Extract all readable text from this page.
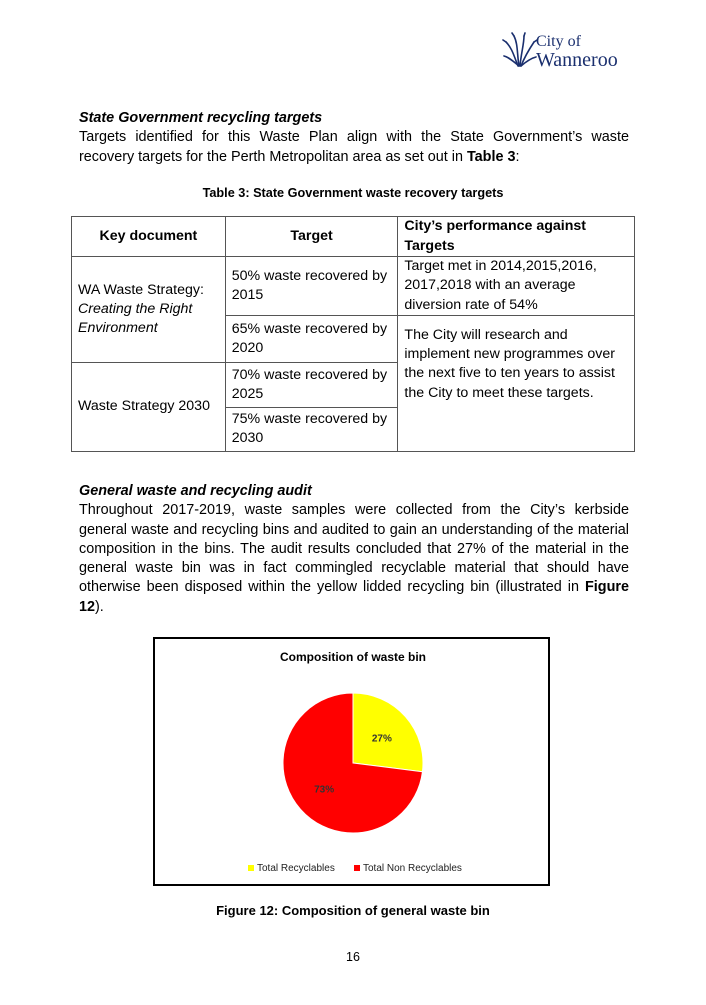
City of
Wanneroo
State Government recycling targets
Targets identified for this Waste Plan align with the State Government’s waste recovery targets for the Perth Metropolitan area as set out in Table 3:
Table 3: State Government waste recovery targets
Key document	Target	City’s performance against Targets

WA Waste Strategy:
Creating the Right Environment	50% waste recovered by 2015	Target met in 2014,2015,2016, 2017,2018 with an average diversion rate of 54%
	65% waste recovered by 2020	The City will research and implement new programmes over the next five to ten years to assist the City to meet these targets.
Waste Strategy 2030	70% waste recovered by 2025	
	75% waste recovered by 2030	
General waste and recycling audit
Throughout 2017-2019, waste samples were collected from the City’s kerbside general waste and recycling bins and audited to gain an understanding of the material composition in the bins. The audit results concluded that 27% of the material in the general waste bin was in fact commingled recyclable material that should have otherwise been disposed within the yellow lidded recycling bin (illustrated in Figure 12).
Composition of waste bin
27%
73%
Total Recyclables	Total Non Recyclables
Figure 12: Composition of general waste bin
16
